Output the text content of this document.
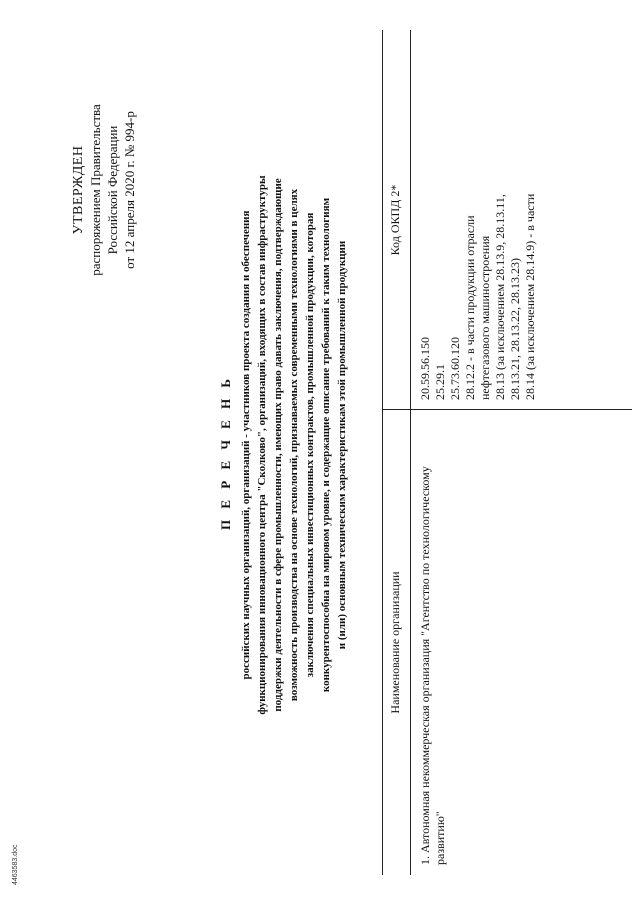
УТВЕРЖДЕН распоряжением Правительства Российской Федерации от 12 апреля 2020 г. № 994-р
П Е Р Е Ч Е Н Ь российских научных организаций, организаций - участников проекта создания и обеспечения функционирования инновационного центра "Сколково", организаций, входящих в состав инфраструктуры поддержки деятельности в сфере промышленности, имеющих право давать заключения, подтверждающие возможность производства на основе технологий, признаваемых современными технологиями в целях заключения специальных инвестиционных контрактов, промышленной продукции, которая конкурентоспособна на мировом уровне, и содержащие описание требований к таким технологиям и (или) основным техническим характеристикам этой промышленной продукции	Наименование организации
Код ОКПД 2*
1. Автономная некоммерческая организация "Агентство по технологическому развитию"
20.59.56.150 25.29.1 25.73.60.120 28.12.2 - в части продукции отрасли нефтегазового машиностроения 28.13 (за исключением 28.13.9, 28.13.11, 28.13.21, 28.13.22, 28.13.23) 28.14 (за исключением 28.14.9) - в части
4463583.doc
